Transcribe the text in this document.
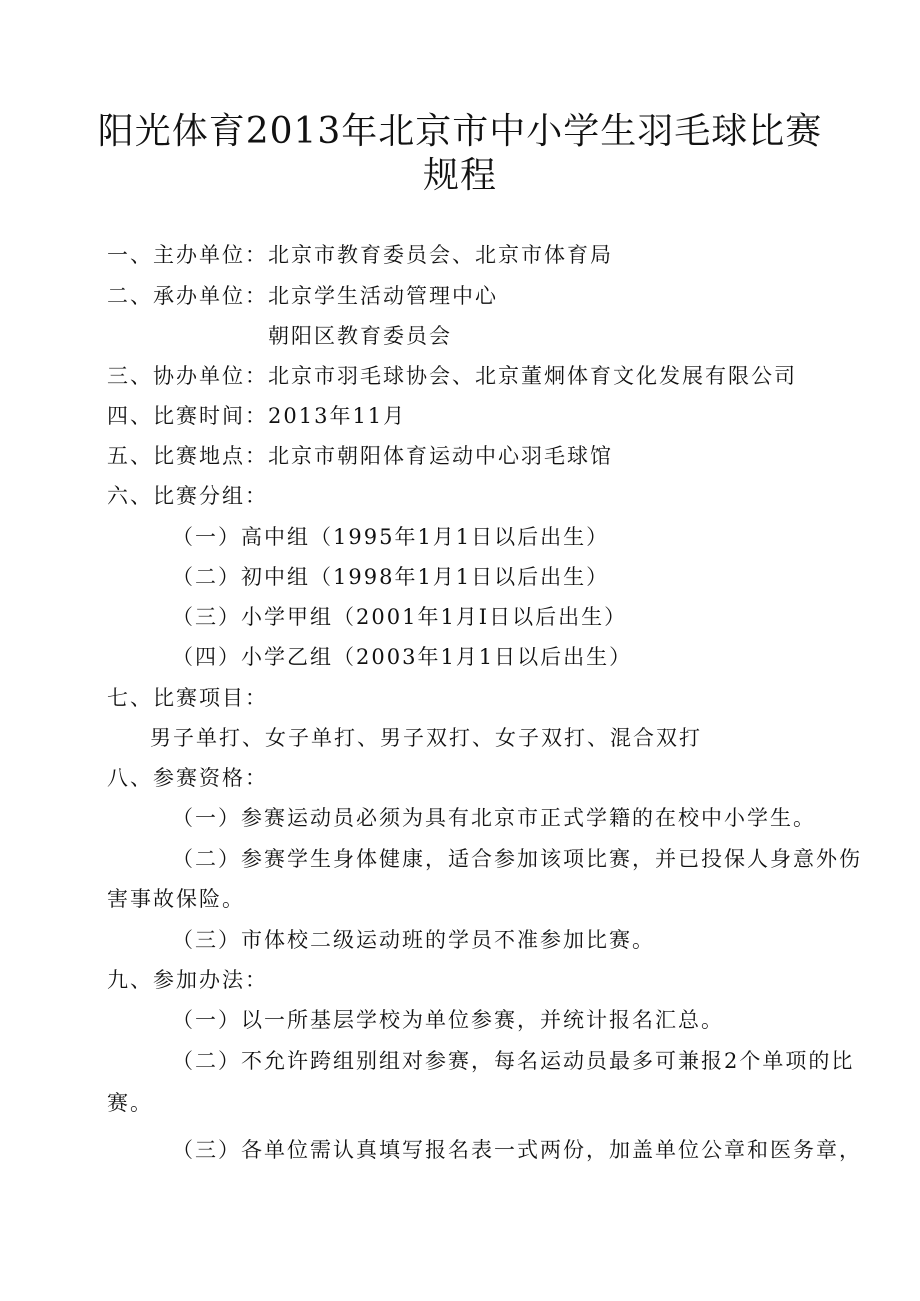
阳光体育2013年北京市中小学生羽毛球比赛
规程
一、主办单位：北京市教育委员会、北京市体育局
二、承办单位：北京学生活动管理中心
朝阳区教育委员会
三、协办单位：北京市羽毛球协会、北京董炯体育文化发展有限公司
四、比赛时间：2013年11月
五、比赛地点：北京市朝阳体育运动中心羽毛球馆
六、比赛分组：
（一）高中组（1995年1月1日以后出生）
（二）初中组（1998年1月1日以后出生）
（三）小学甲组（2001年1月Ⅰ日以后出生）
（四）小学乙组（2003年1月1日以后出生）
七、比赛项目：
男子单打、女子单打、男子双打、女子双打、混合双打
八、参赛资格：
（一）参赛运动员必须为具有北京市正式学籍的在校中小学生。
（二）参赛学生身体健康，适合参加该项比赛，并已投保人身意外伤
害事故保险。
（三）市体校二级运动班的学员不准参加比赛。
九、参加办法：
（一）以一所基层学校为单位参赛，并统计报名汇总。
（二）不允许跨组别组对参赛，每名运动员最多可兼报2个单项的比
赛。
（三）各单位需认真填写报名表一式两份，加盖单位公章和医务章，
